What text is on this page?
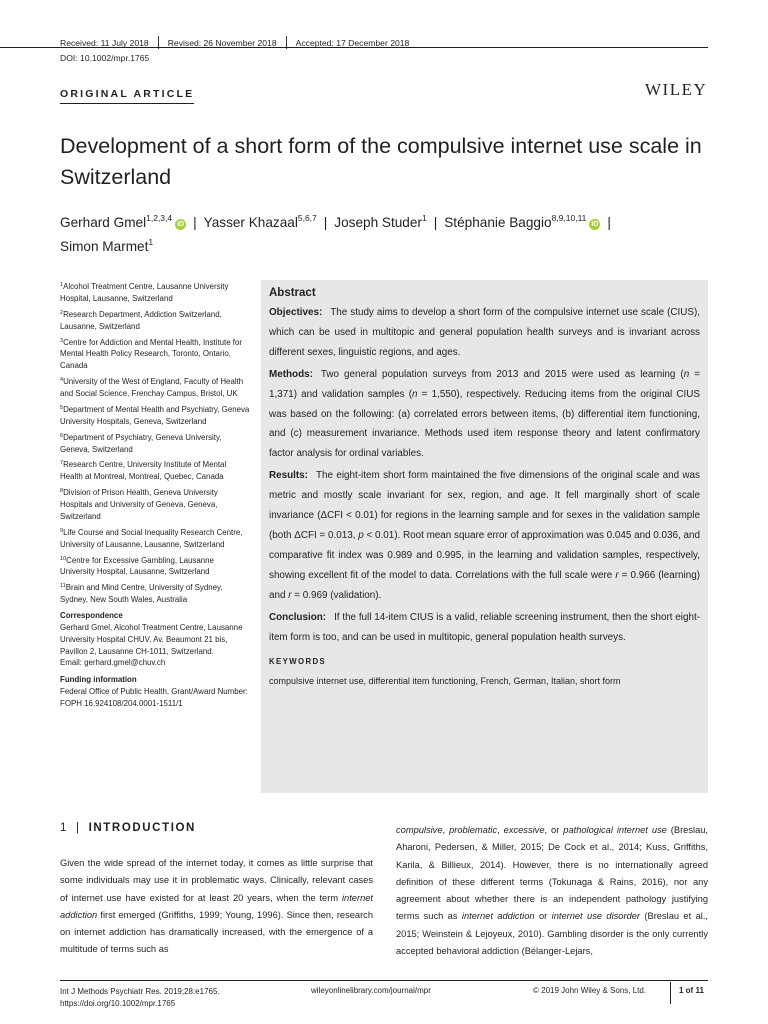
Received: 11 July 2018 Revised: 26 November 2018 Accepted: 17 December 2018
DOI: 10.1002/mpr.1765
ORIGINAL ARTICLE	WILEY
Development of a short form of the compulsive internet use scale in Switzerland
Gerhard Gmel$^{1,2,3,4}$iD | Yasser Khazaal$^{5,6,7}$ | Joseph Studer$^1$ | Stéphanie Baggio$^{8,9,10,11}$iD |
Simon Marmet$^1$
$^1$Alcohol Treatment Centre, Lausanne University Hospital, Lausanne, Switzerland
$^2$Research Department, Addiction Switzerland, Lausanne, Switzerland
$^3$Centre for Addiction and Mental Health, Institute for Mental Health Policy Research, Toronto, Ontario, Canada
$^4$University of the West of England, Faculty of Health and Social Science, Frenchay Campus, Bristol, UK
$^5$Department of Mental Health and Psychiatry, Geneva University Hospitals, Geneva, Switzerland
$^6$Department of Psychiatry, Geneva University, Geneva, Switzerland
$^7$Research Centre, University Institute of Mental Health at Montreal, Montreal, Quebec, Canada
$^8$Division of Prison Health, Geneva University Hospitals and University of Geneva, Geneva, Switzerland
$^9$Life Course and Social Inequality Research Centre, University of Lausanne, Lausanne, Switzerland
$^{10}$Centre for Excessive Gambling, Lausanne University Hospital, Lausanne, Switzerland
$^{11}$Brain and Mind Centre, University of Sydney, Sydney, New South Wales, Australia
Correspondence
Gerhard Gmel, Alcohol Treatment Centre, Lausanne University Hospital CHUV, Av. Beaumont 21 bis, Pavillon 2, Lausanne CH-1011, Switzerland.
Email: gerhard.gmel@chuv.ch
Funding information
Federal Office of Public Health, Grant/Award Number: FOPH 16.924108/204.0001-1511/1
Abstract

Objectives: The study aims to develop a short form of the compulsive internet use scale (CIUS), which can be used in multitopic and general population health surveys and is invariant across different sexes, linguistic regions, and ages.

Methods: Two general population surveys from 2013 and 2015 were used as learning (n = 1,371) and validation samples (n = 1,550), respectively. Reducing items from the original CIUS was based on the following: (a) correlated errors between items, (b) differential item functioning, and (c) measurement invariance. Methods used item response theory and latent confirmatory factor analysis for ordinal variables.

Results: The eight-item short form maintained the five dimensions of the original scale and was metric and mostly scale invariant for sex, region, and age. It fell marginally short of scale invariance (ΔCFI < 0.01) for regions in the learning sample and for sexes in the validation sample (both ΔCFI = 0.013, p < 0.01). Root mean square error of approximation was 0.045 and 0.036, and comparative fit index was 0.989 and 0.995, in the learning and validation samples, respectively, showing excellent fit of the model to data. Correlations with the full scale were r = 0.966 (learning) and r = 0.969 (validation).

Conclusion: If the full 14-item CIUS is a valid, reliable screening instrument, then the short eight-item form is too, and can be used in multitopic, general population health surveys.

KEYWORDS
compulsive internet use, differential item functioning, French, German, Italian, short form
1 | INTRODUCTION
Given the wide spread of the internet today, it comes as little surprise that some individuals may use it in problematic ways. Clinically, relevant cases of internet use have existed for at least 20 years, when the term internet addiction first emerged (Griffiths, 1999; Young, 1996). Since then, research on internet addiction has dramatically increased, with the emergence of a multitude of terms such as
compulsive, problematic, excessive, or pathological internet use (Breslau, Aharoni, Pedersen, & Miller, 2015; De Cock et al., 2014; Kuss, Griffiths, Karila, & Billieux, 2014). However, there is no internationally agreed definition of these different terms (Tokunaga & Rains, 2016), nor any agreement about whether there is an independent pathology justifying terms such as internet addiction or internet use disorder (Breslau et al., 2015; Weinstein & Lejoyeux, 2010). Gambling disorder is the only currently accepted behavioral addiction (Bélanger-Lejars,
Int J Methods Psychiatr Res. 2019;28:e1765.
https://doi.org/10.1002/mpr.1765
wileyonlinelibrary.com/journal/mpr	© 2019 John Wiley & Sons, Ltd.	1 of 11
